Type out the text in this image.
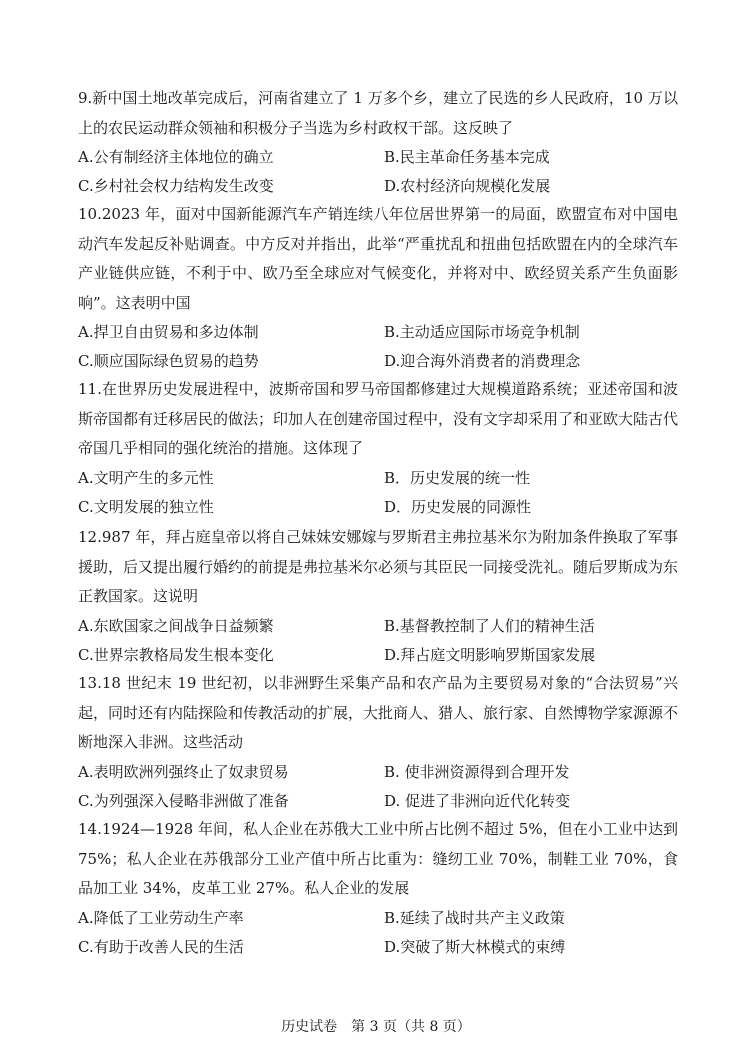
9.新中国土地改革完成后，河南省建立了 1 万多个乡，建立了民选的乡人民政府，10 万以上的农民运动群众领袖和积极分子当选为乡村政权干部。这反映了

A.公有制经济主体地位的确立	B.民主革命任务基本完成
C.乡村社会权力结构发生改变	D.农村经济向规模化发展

10.2023 年，面对中国新能源汽车产销连续八年位居世界第一的局面，欧盟宣布对中国电动汽车发起反补贴调查。中方反对并指出，此举“严重扰乱和扭曲包括欧盟在内的全球汽车产业链供应链，不利于中、欧乃至全球应对气候变化，并将对中、欧经贸关系产生负面影响”。这表明中国

A.捍卫自由贸易和多边体制	B.主动适应国际市场竞争机制
C.顺应国际绿色贸易的趋势	D.迎合海外消费者的消费理念

11.在世界历史发展进程中，波斯帝国和罗马帝国都修建过大规模道路系统；亚述帝国和波斯帝国都有迁移居民的做法；印加人在创建帝国过程中，没有文字却采用了和亚欧大陆古代帝国几乎相同的强化统治的措施。这体现了

A.文明产生的多元性	B．历史发展的统一性
C.文明发展的独立性	D．历史发展的同源性

12.987 年，拜占庭皇帝以将自己妹妹安娜嫁与罗斯君主弗拉基米尔为附加条件换取了军事援助，后又提出履行婚约的前提是弗拉基米尔必须与其臣民一同接受洗礼。随后罗斯成为东正教国家。这说明

A.东欧国家之间战争日益频繁	B.基督教控制了人们的精神生活
C.世界宗教格局发生根本变化	D.拜占庭文明影响罗斯国家发展

13.18 世纪末 19 世纪初，以非洲野生采集产品和农产品为主要贸易对象的“合法贸易”兴起，同时还有内陆探险和传教活动的扩展，大批商人、猎人、旅行家、自然博物学家源源不断地深入非洲。这些活动

A.表明欧洲列强终止了奴隶贸易	B. 使非洲资源得到合理开发
C.为列强深入侵略非洲做了准备	D. 促进了非洲向近代化转变

14.1924—1928 年间，私人企业在苏俄大工业中所占比例不超过 5%，但在小工业中达到 75%；私人企业在苏俄部分工业产值中所占比重为：缝纫工业 70%，制鞋工业 70%，食品加工业 34%，皮革工业 27%。私人企业的发展

A.降低了工业劳动生产率	B.延续了战时共产主义政策
C.有助于改善人民的生活	D.突破了斯大林模式的束缚
历史试卷　第 3 页（共 8 页）
